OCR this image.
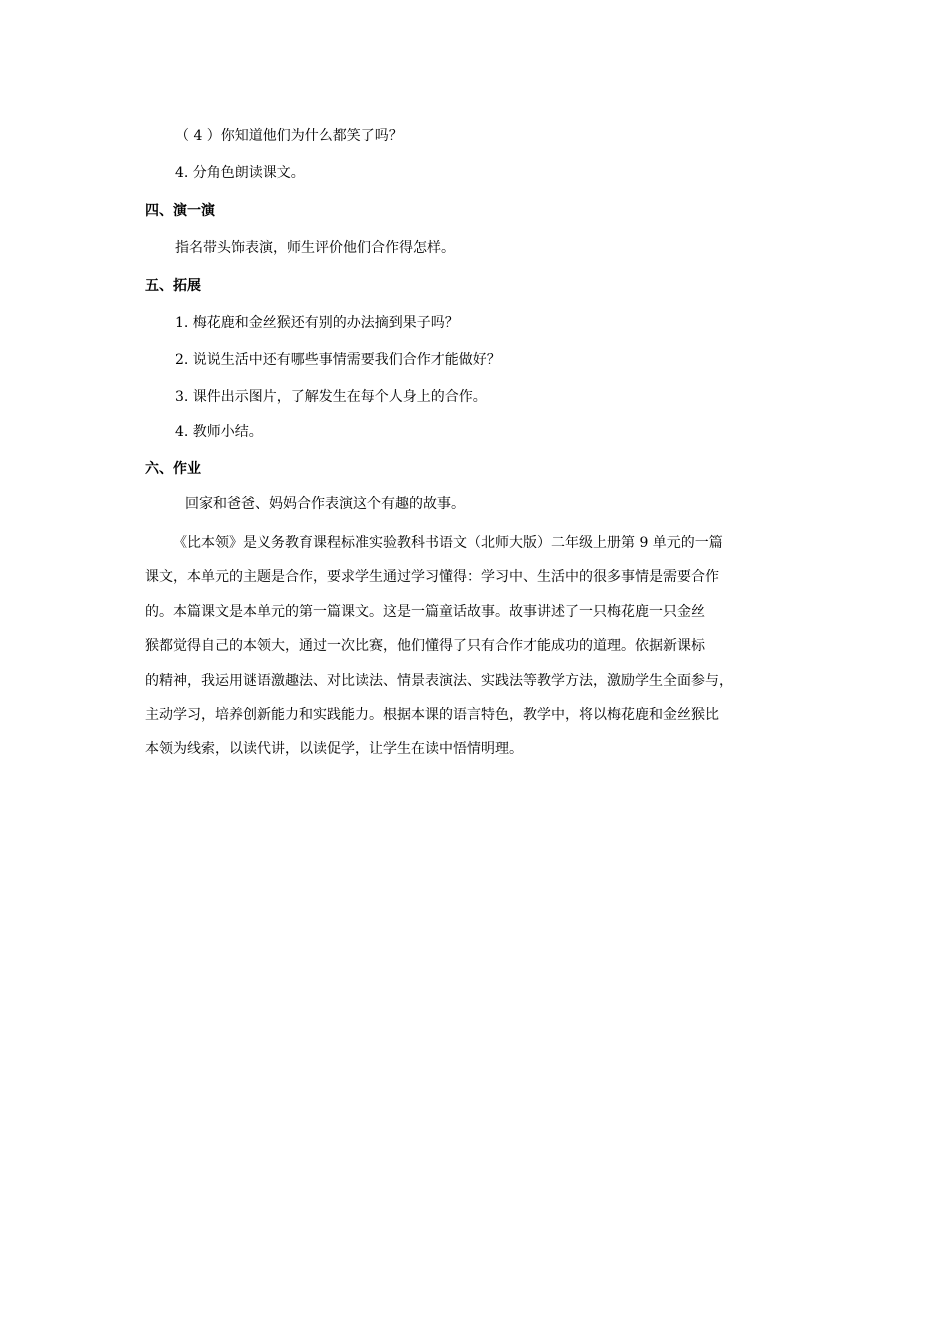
（ 4 ）你知道他们为什么都笑了吗？
4. 分角色朗读课文。
四、演一演
指名带头饰表演，师生评价他们合作得怎样。
五、拓展
1. 梅花鹿和金丝猴还有别的办法摘到果子吗？
2. 说说生活中还有哪些事情需要我们合作才能做好？
3. 课件出示图片，了解发生在每个人身上的合作。
4. 教师小结。
六、作业
回家和爸爸、妈妈合作表演这个有趣的故事。
《比本领》是义务教育课程标准实验教科书语文（北师大版）二年级上册第 9 单元的一篇
课文，本单元的主题是合作，要求学生通过学习懂得：学习中、生活中的很多事情是需要合作
的。本篇课文是本单元的第一篇课文。这是一篇童话故事。故事讲述了一只梅花鹿一只金丝
猴都觉得自己的本领大，通过一次比赛，他们懂得了只有合作才能成功的道理。依据新课标
的精神，我运用谜语激趣法、对比读法、情景表演法、实践法等教学方法，激励学生全面参与，
主动学习，培养创新能力和实践能力。根据本课的语言特色，教学中，将以梅花鹿和金丝猴比
本领为线索，以读代讲，以读促学，让学生在读中悟情明理。
